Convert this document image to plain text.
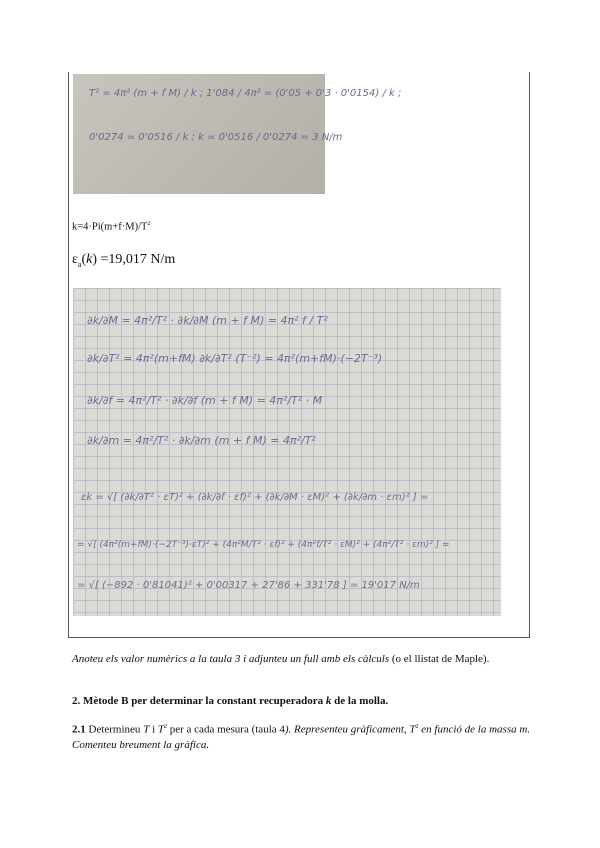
T² = 4π² (m + f M) / k ; 1'084 / 4π² = (0'05 + 0'3 · 0'0154) / k ;
0'0274 = 0'0516 / k ; k = 0'0516 / 0'0274 = 3 N/m
$k=4\cdot Pi(m+f\cdot M)/T^2$
$\varepsilon_a(k) =19,017$ N/m
∂k/∂M = 4π²/T² · ∂k/∂M (m + f M) = 4π² f / T²
∂k/∂T² = 4π²(m+fM) ∂k/∂T² (T⁻²) = 4π²(m+fM)·(−2T⁻³)
∂k/∂f = 4π²/T² · ∂k/∂f (m + f M) = 4π²/T² · M
∂k/∂m = 4π²/T² · ∂k/∂m (m + f M) = 4π²/T²
εk = √[ (∂k/∂T² · εT)² + (∂k/∂f · εf)² + (∂k/∂M · εM)² + (∂k/∂m · εm)² ] =
= √[ (4π²(m+fM)·(−2T⁻³)·εT)² + (4π²M/T² · εf)² + (4π²f/T² · εM)² + (4π²/T² · εm)² ] =
= √[ (−892 · 0'81041)² + 0'00317 + 27'86 + 331'78 ] = 19'017 N/m
Anoteu els valor numèrics a la taula 3 i adjunteu un full amb els càlculs (o el llistat de Maple).
2. Mètode B per determinar la constant recuperadora k de la molla.
2.1 Determineu T i $T^2$ per a cada mesura (taula 4). Representeu gràficament, $T^2$ en funció de la massa m. Comenteu breument la gràfica.
